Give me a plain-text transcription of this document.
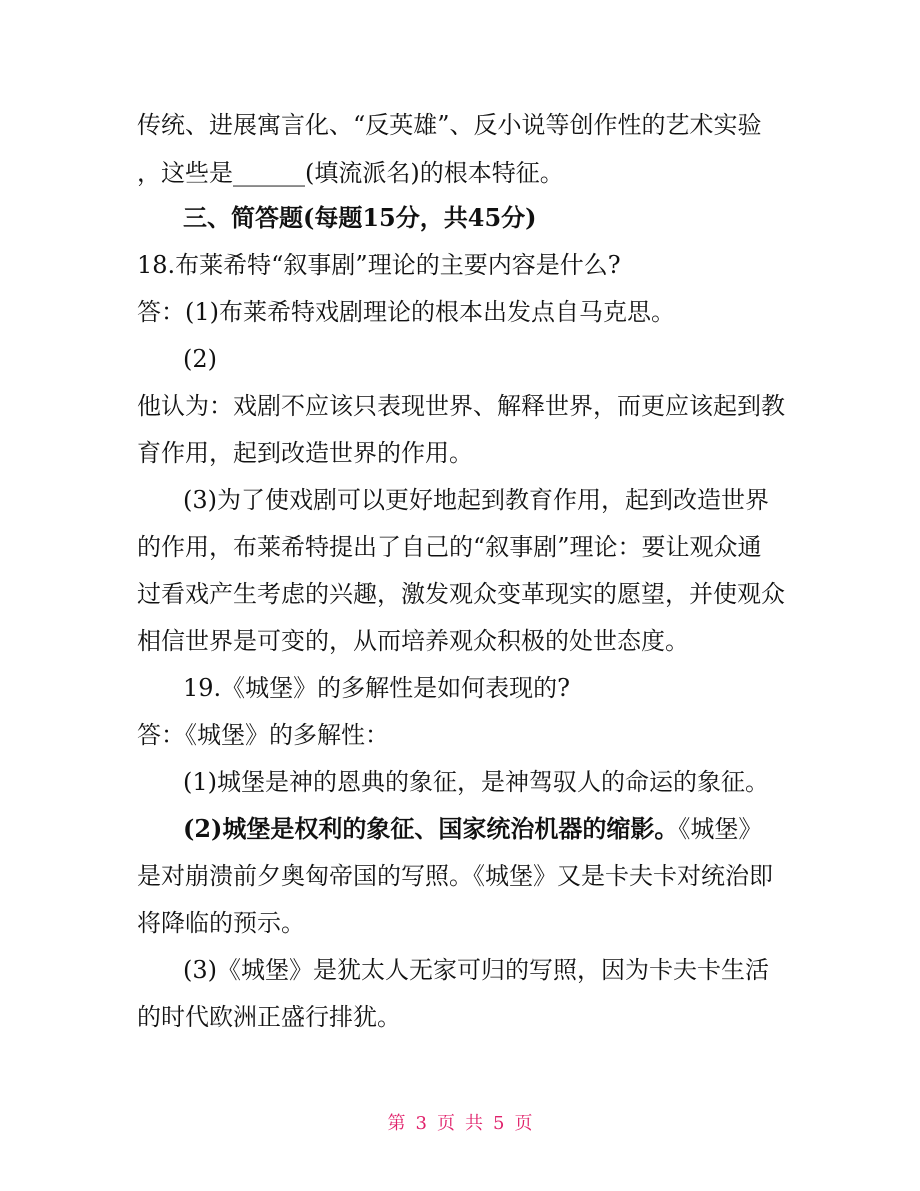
传统、进展寓言化、“反英雄”、反小说等创作性的艺术实验
，这些是______(填流派名)的根本特征。
三、简答题(每题15分，共45分)
18.布莱希特“叙事剧”理论的主要内容是什么?
答：(1)布莱希特戏剧理论的根本出发点自马克思。
(2)
他认为：戏剧不应该只表现世界、解释世界，而更应该起到教
育作用，起到改造世界的作用。
(3)为了使戏剧可以更好地起到教育作用，起到改造世界
的作用，布莱希特提出了自己的“叙事剧”理论：要让观众通
过看戏产生考虑的兴趣，激发观众变革现实的愿望，并使观众
相信世界是可变的，从而培养观众积极的处世态度。
19.《城堡》的多解性是如何表现的?
答：《城堡》的多解性：
(1)城堡是神的恩典的象征，是神驾驭人的命运的象征。
(2)城堡是权利的象征、国家统治机器的缩影。《城堡》
是对崩溃前夕奥匈帝国的写照。《城堡》又是卡夫卡对统治即
将降临的预示。
(3)《城堡》是犹太人无家可归的写照，因为卡夫卡生活
的时代欧洲正盛行排犹。
第 3 页 共 5 页
